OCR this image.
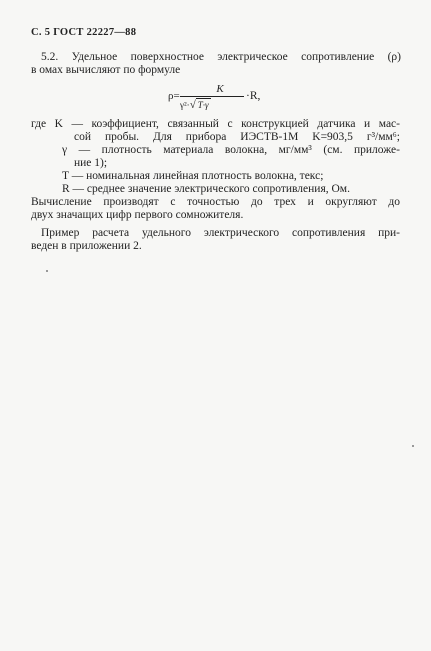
С. 5 ГОСТ 22227—88
5.2. Удельное поверхностное электрическое сопротивление (ρ)
в омах вычисляют по формуле
ρ=
K
γ²·√ T·γ
·R,
где K — коэффициент, связанный с конструкцией датчика и мас-
сой пробы. Для прибора ИЭСТВ-1М K=903,5 г³/мм⁶;
γ — плотность материала волокна, мг/мм³ (см. приложе-
ние 1);
T — номинальная линейная плотность волокна, текс;
R — среднее значение электрического сопротивления, Ом.
Вычисление производят с точностью до трех и округляют до
двух значащих цифр первого сомножителя.
Пример расчета удельного электрического сопротивления при-
веден в приложении 2.
